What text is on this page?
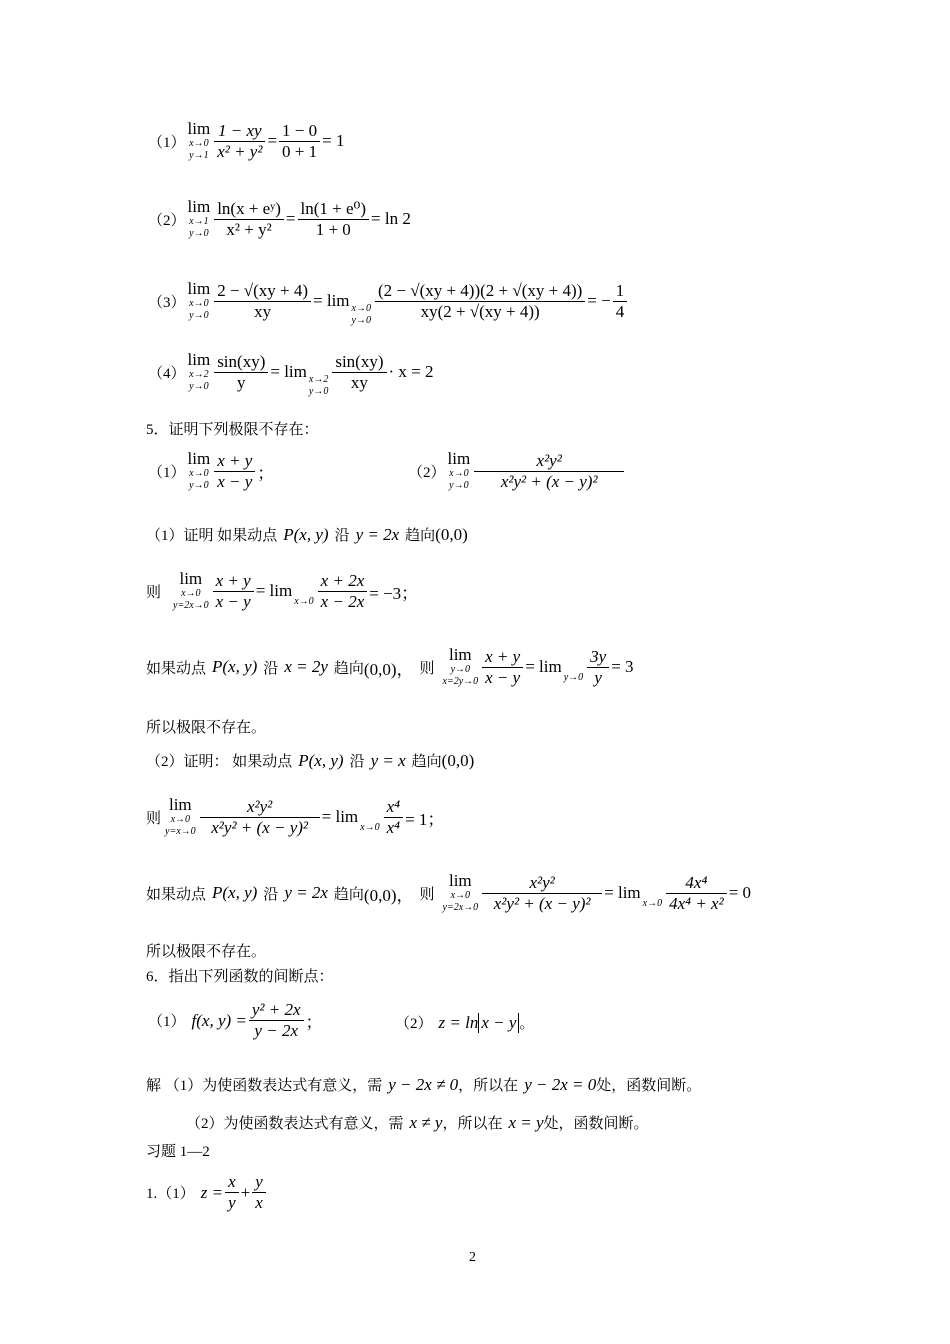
（1）
lim
x→0
$y\to 1 \frac{1 - xy}{\text{x² + y²}} = \frac{1 - 0}{0 + 1} = 1$
（2）
lim
x→1
$y\to 0 \frac{\text{ln(x + eʸ)}}{\text{x² + y²}} = \frac{\text{ln(1 + e⁰)}}{1 + 0} = \ln 2$
（3）
lim
x→0
$y\to 0 \frac{2 - √(xy + 4)}{xy} = \lim x\to 0$
$y\to 0 \frac{(2 - √(xy + 4))(2 + √(xy + 4))}{xy(2 + √(xy + 4))}$ = − $\frac{1}{4}$
（4）
lim
x→2
$y\to 0 \frac{\sin(xy)}{y} = \lim x\to 2$
$y\to 0 \frac{\sin(xy)}{xy} \cdot x = 2$
5．证明下列极限不存在：
（1）
lim
x→0
$y\to 0 \frac{x + y}{x - y}$ ；	（2）
lim
x→0
$y\to 0 \frac{\text{x²y²}}{\text{x²y² + (x − y)²}}$
（1）证明 如果动点 P(x, y) 沿 y = 2x 趋向 (0,0)
则
lim
x→0
$y=2x\to 0 \frac{x + y}{x - y} = \lim$
$x\to 0 \frac{x + 2x}{x - 2x} = -3$；
如果动点 P(x, y) 沿 x = 2y 趋向 (0,0)， 则
lim
y→0
$x=2y\to 0 \frac{x + y}{x - y} = \lim$
$y\to 0 \frac{3y}{y} = 3$
所以极限不存在。
（2）证明： 如果动点 P(x, y) 沿 y = x 趋向 (0,0)
则
lim
x→0
$y=x\to 0 \frac{\text{x²y²}}{\text{x²y² + (x − y)²}} = \lim$
$x\to 0 \frac{\text{x⁴}}{\text{x⁴}} = 1$；
如果动点 P(x, y) 沿 y = 2x 趋向 (0,0)， 则
lim
x→0
$y=2x\to 0 \frac{\text{x²y²}}{\text{x²y² + (x − y)²}} = \lim$
$x\to 0 \frac{\text{4x⁴}}{\text{4x⁴ + x²}} = 0$
所以极限不存在。
6．指出下列函数的间断点：
（1） f(x, $y) = \frac{\text{y² + 2x}}{y - 2x}$ ；	（2） z = ln x − y 。
解 （1）为使函数表达式有意义，需 y − 2x ≠ 0 ，所以在 y − 2x = 0 处，函数间断。
（2）为使函数表达式有意义，需 x ≠ y ，所以在 x = y 处，函数间断。
习题 1—2
1.（1） $z = \frac{x}{y} + \frac{y}{x}$
2
